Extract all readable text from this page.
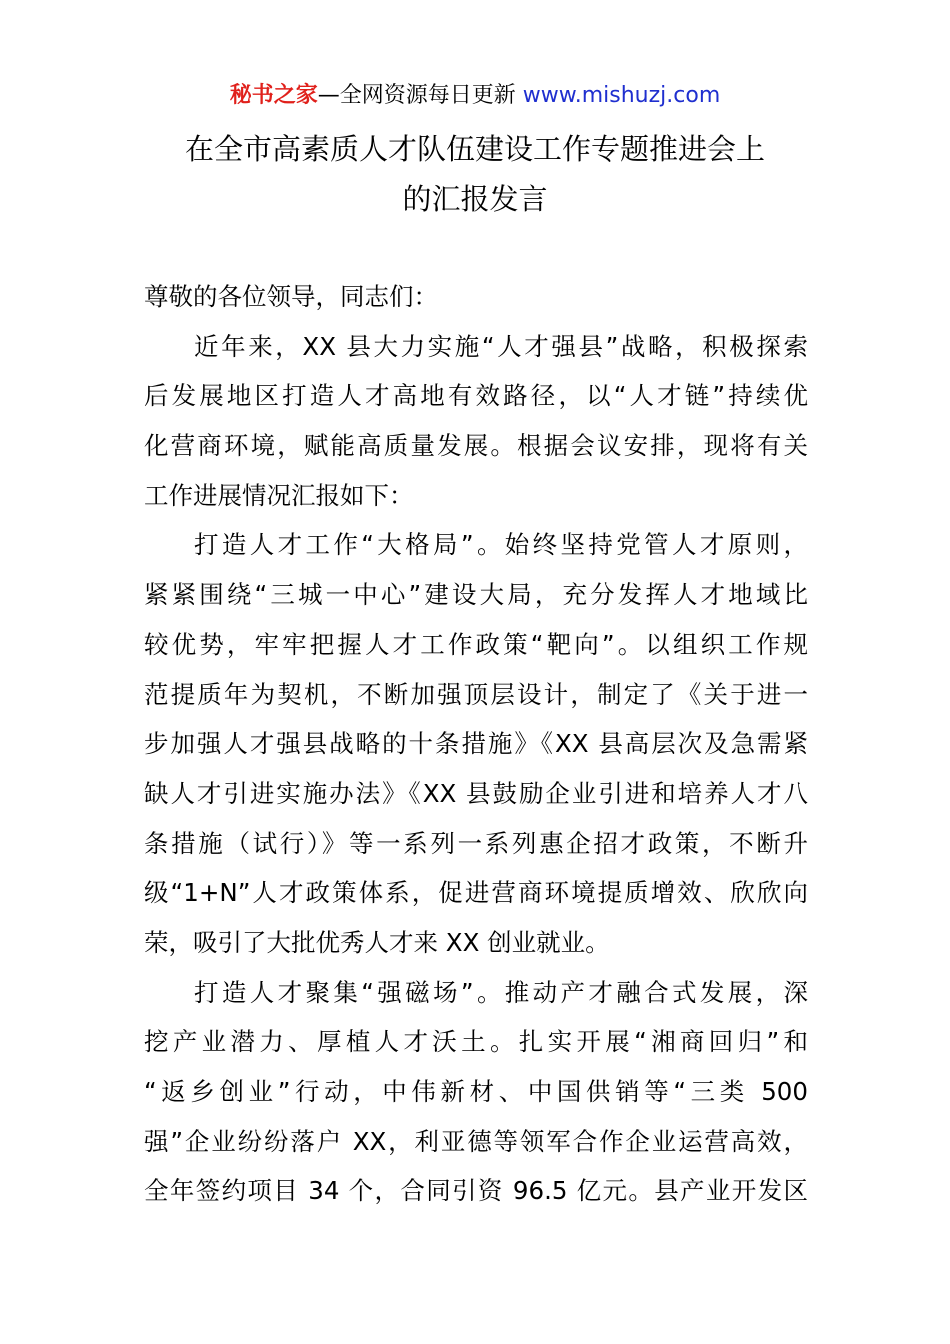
秘书之家—全网资源每日更新 www.mishuzj.com
在全市高素质人才队伍建设工作专题推进会上
的汇报发言
尊敬的各位领导，同志们：
近年来，XX 县大力实施“人才强县”战略，积极探索
后发展地区打造人才高地有效路径，以“人才链”持续优
化营商环境，赋能高质量发展。根据会议安排，现将有关
工作进展情况汇报如下：
打造人才工作“大格局”。始终坚持党管人才原则，
紧紧围绕“三城一中心”建设大局，充分发挥人才地域比
较优势，牢牢把握人才工作政策“靶向”。以组织工作规
范提质年为契机，不断加强顶层设计，制定了《关于进一
步加强人才强县战略的十条措施》《XX 县高层次及急需紧
缺人才引进实施办法》《XX 县鼓励企业引进和培养人才八
条措施（试行）》等一系列一系列惠企招才政策，不断升
级“1+N”人才政策体系，促进营商环境提质增效、欣欣向
荣，吸引了大批优秀人才来 XX 创业就业。
打造人才聚集“强磁场”。推动产才融合式发展，深
挖产业潜力、厚植人才沃土。扎实开展“湘商回归”和
“返乡创业”行动，中伟新材、中国供销等“三类 500
强”企业纷纷落户 XX，利亚德等领军合作企业运营高效，
全年签约项目 34 个，合同引资 96.5 亿元。县产业开发区
